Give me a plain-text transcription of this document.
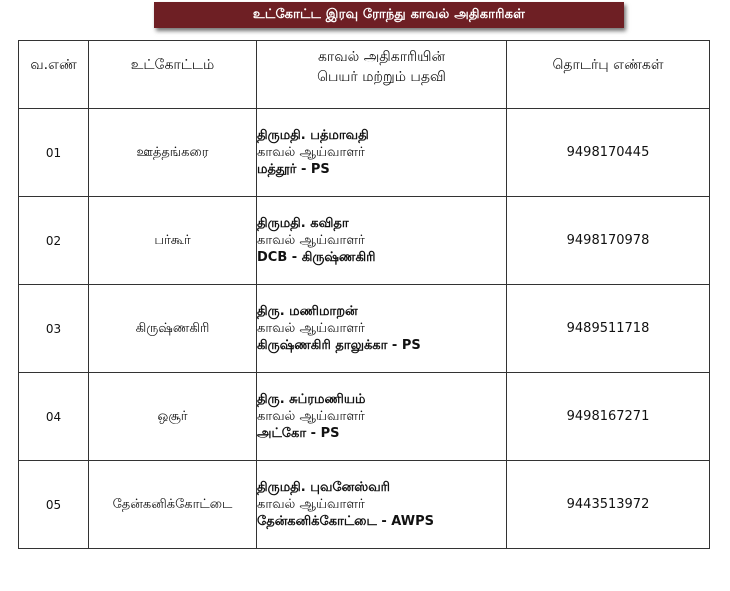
உட்கோட்ட இரவு ரோந்து காவல் அதிகாரிகள்
வ.எண்	உட்கோட்டம்	காவல் அதிகாரியின்
பெயர் மற்றும் பதவி	தொடர்பு எண்கள்

01	ஊத்தங்கரை	திருமதி. பத்மாவதி
காவல் ஆய்வாளர்
மத்தூர் - PS	9498170445
02	பர்கூர்	திருமதி. கவிதா
காவல் ஆய்வாளர்
DCB - கிருஷ்ணகிரி	9498170978
03	கிருஷ்ணகிரி	திரு. மணிமாறன்
காவல் ஆய்வாளர்
கிருஷ்ணகிரி தாலுக்கா - PS	9489511718
04	ஒசூர்	திரு. சுப்ரமணியம்
காவல் ஆய்வாளர்
அட்கோ - PS	9498167271
05	தேன்கனிக்கோட்டை	திருமதி. புவனேஸ்வரி
காவல் ஆய்வாளர்
தேன்கனிக்கோட்டை - AWPS	9443513972
